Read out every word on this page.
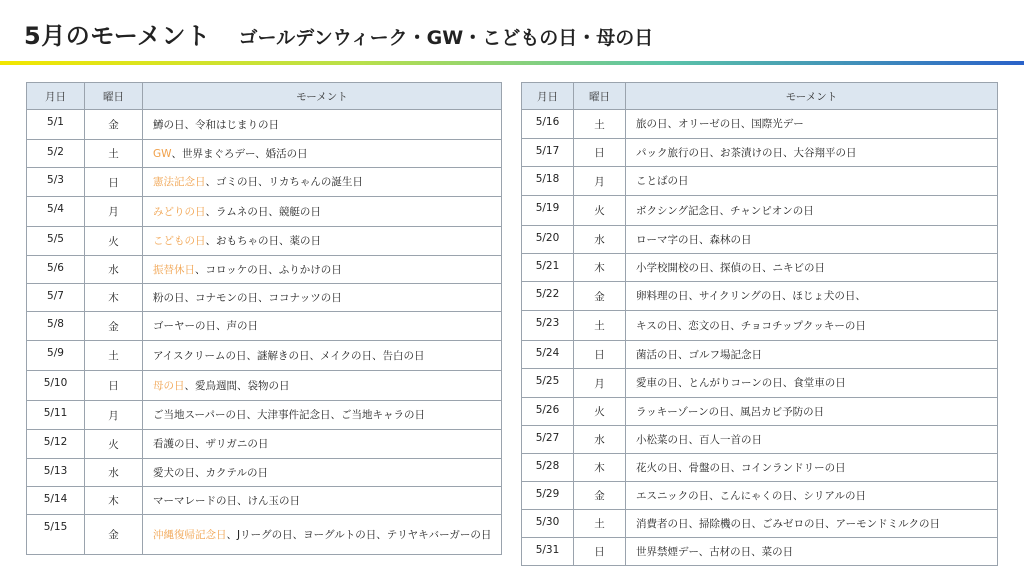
5月のモーメント ゴールデンウィーク・GW・こどもの日・母の日
月日	曜日	モーメント
5/1	金	鱒の日、令和はじまりの日
5/2	土	GW、世界まぐろデー、婚活の日
5/3	日	憲法記念日、ゴミの日、リカちゃんの誕生日
5/4	月	みどりの日、ラムネの日、競艇の日
5/5	火	こどもの日、おもちゃの日、薬の日
5/6	水	振替休日、コロッケの日、ふりかけの日
5/7	木	粉の日、コナモンの日、ココナッツの日
5/8	金	ゴーヤーの日、声の日
5/9	土	アイスクリームの日、謎解きの日、メイクの日、告白の日
5/10	日	母の日、愛鳥週間、袋物の日
5/11	月	ご当地スーパーの日、大津事件記念日、ご当地キャラの日
5/12	火	看護の日、ザリガニの日
5/13	水	愛犬の日、カクテルの日
5/14	木	マーマレードの日、けん玉の日
5/15	金	沖縄復帰記念日、Jリーグの日、ヨーグルトの日、テリヤキバーガーの日
月日	曜日	モーメント
5/16	土	旅の日、オリーゼの日、国際光デー
5/17	日	パック旅行の日、お茶漬けの日、大谷翔平の日
5/18	月	ことばの日
5/19	火	ボクシング記念日、チャンピオンの日
5/20	水	ローマ字の日、森林の日
5/21	木	小学校開校の日、探偵の日、ニキビの日
5/22	金	卵料理の日、サイクリングの日、ほじょ犬の日、
5/23	土	キスの日、恋文の日、チョコチップクッキーの日
5/24	日	菌活の日、ゴルフ場記念日
5/25	月	愛車の日、とんがりコーンの日、食堂車の日
5/26	火	ラッキーゾーンの日、風呂カビ予防の日
5/27	水	小松菜の日、百人一首の日
5/28	木	花火の日、骨盤の日、コインランドリーの日
5/29	金	エスニックの日、こんにゃくの日、シリアルの日
5/30	土	消費者の日、掃除機の日、ごみゼロの日、アーモンドミルクの日
5/31	日	世界禁煙デー、古材の日、菜の日
